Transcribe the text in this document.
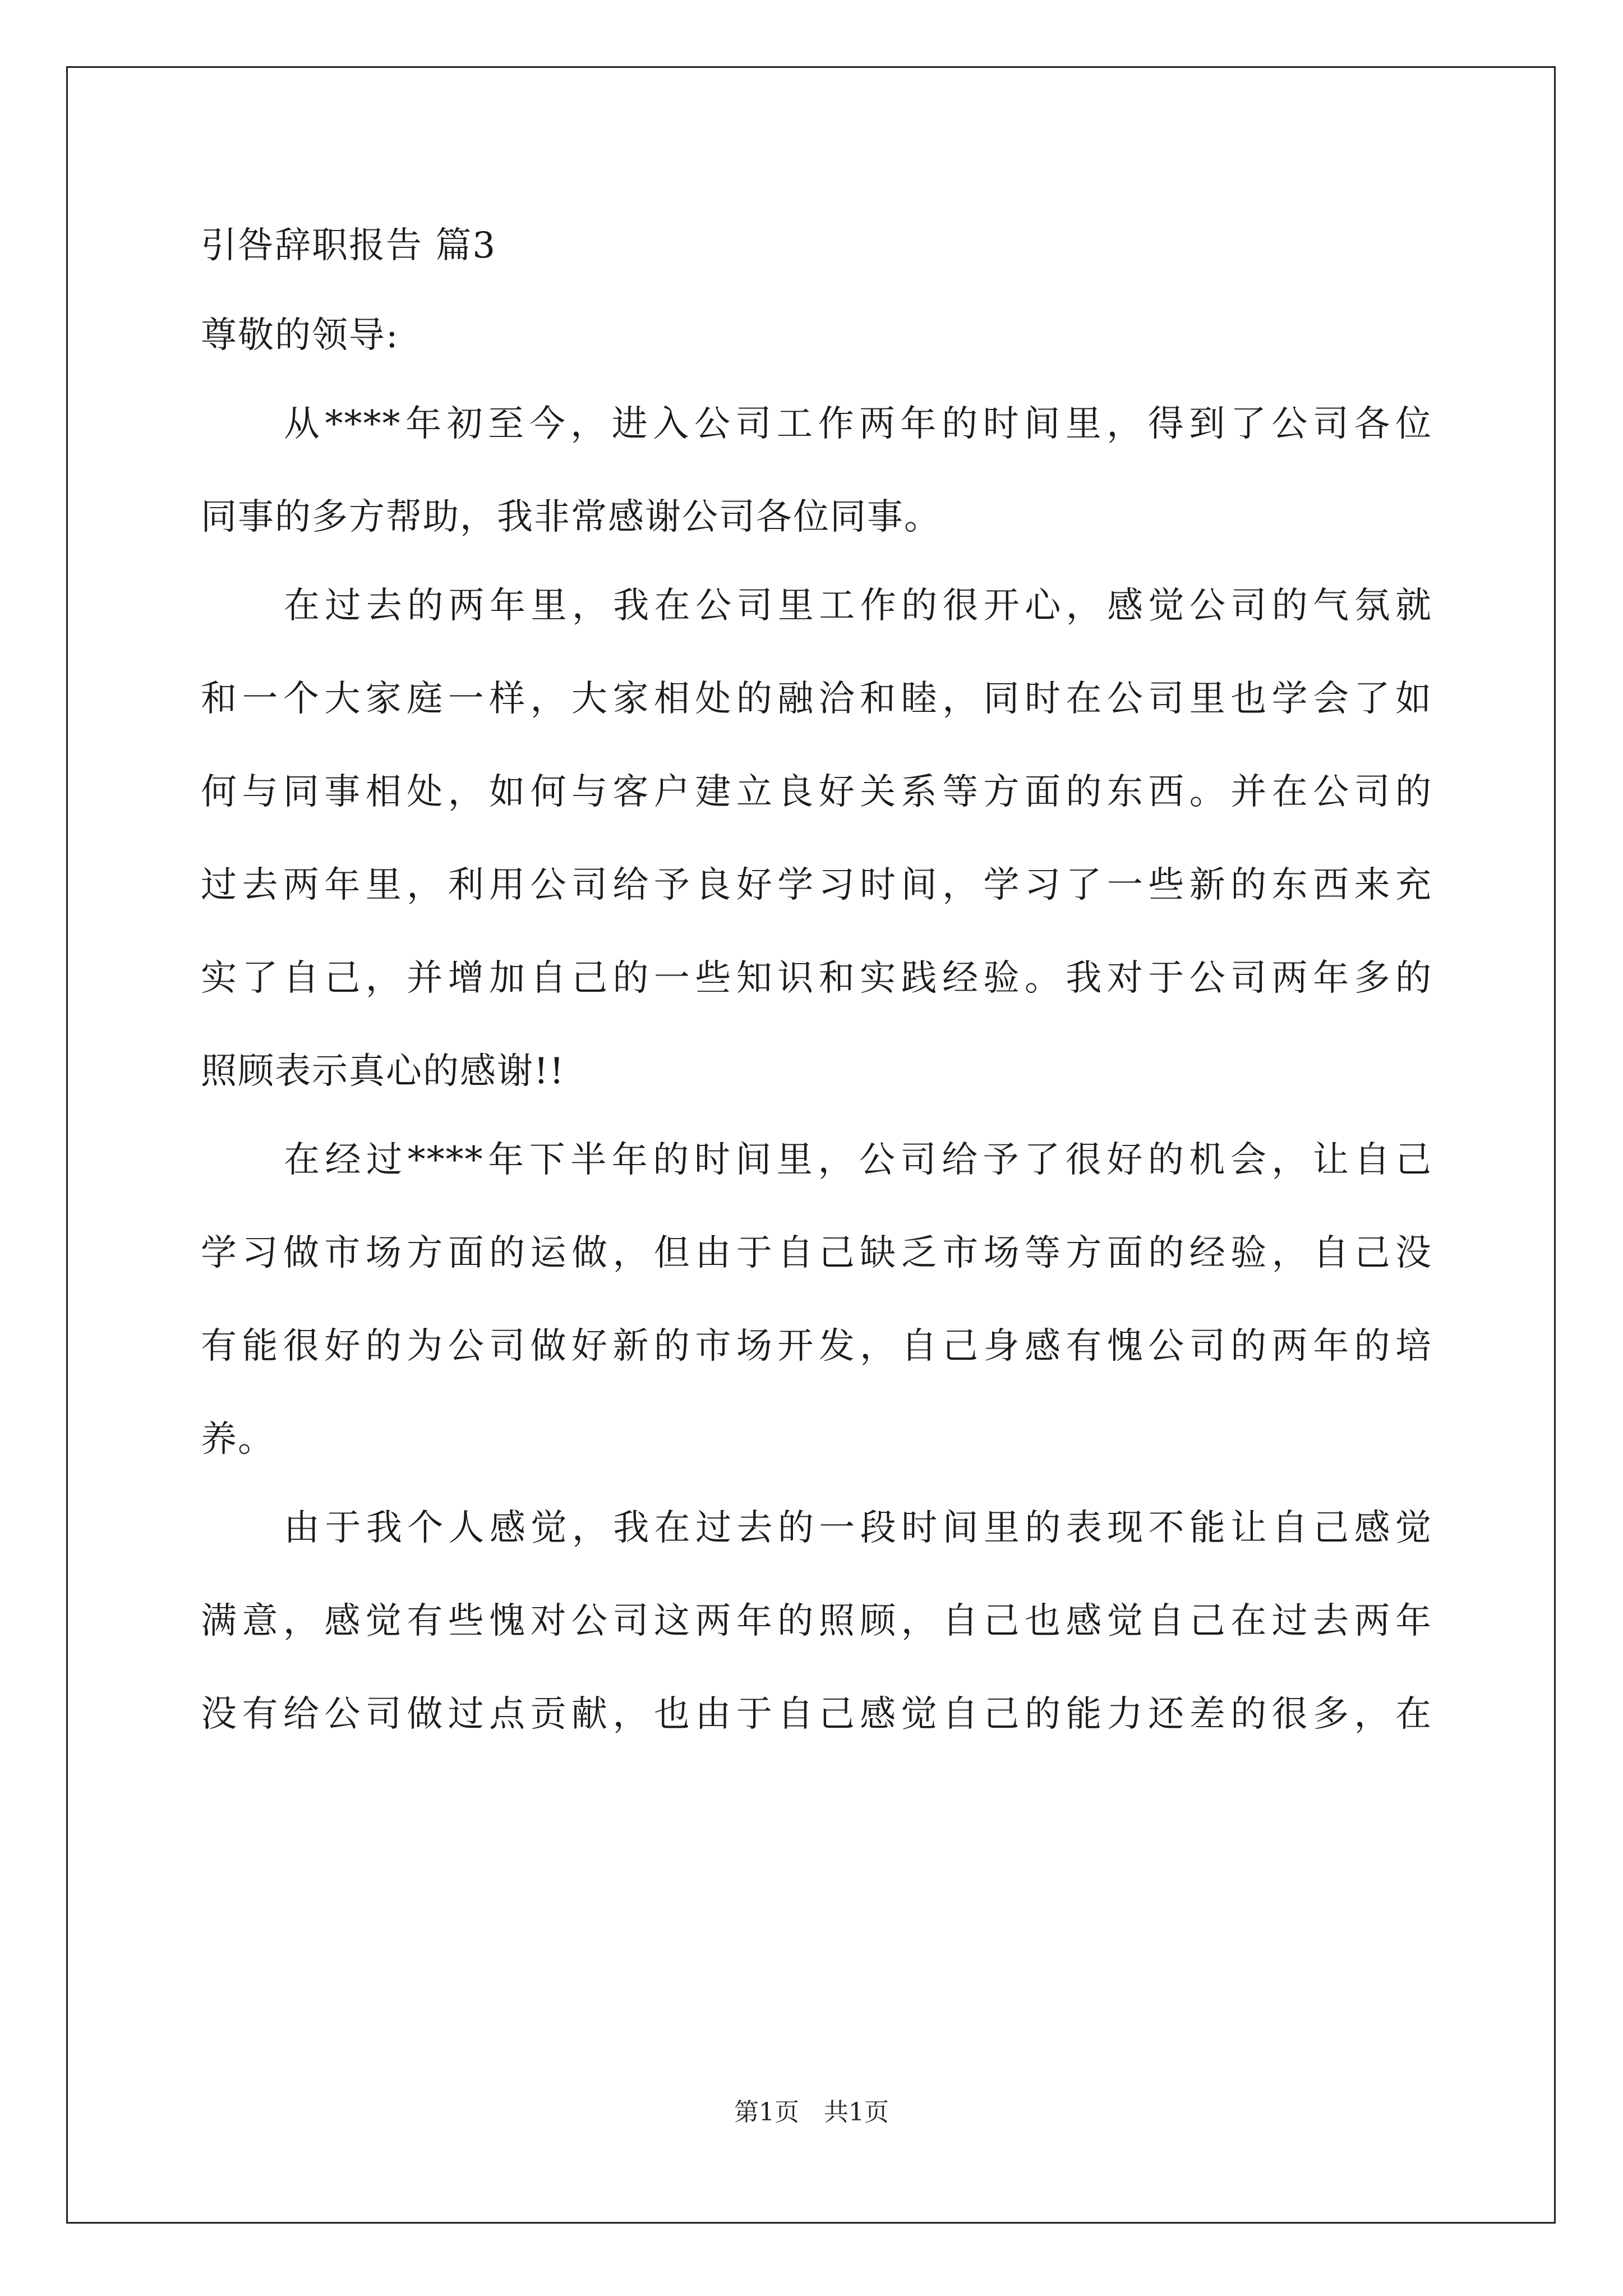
引咎辞职报告 篇3
尊敬的领导:
从****年初至今，进入公司工作两年的时间里，得到了公司各位
同事的多方帮助，我非常感谢公司各位同事。
在过去的两年里，我在公司里工作的很开心，感觉公司的气氛就
和一个大家庭一样，大家相处的融洽和睦，同时在公司里也学会了如
何与同事相处，如何与客户建立良好关系等方面的东西。并在公司的
过去两年里，利用公司给予良好学习时间，学习了一些新的东西来充
实了自己，并增加自己的一些知识和实践经验。我对于公司两年多的
照顾表示真心的感谢!!
在经过****年下半年的时间里，公司给予了很好的机会，让自己
学习做市场方面的运做，但由于自己缺乏市场等方面的经验，自己没
有能很好的为公司做好新的市场开发，自己身感有愧公司的两年的培
养。
由于我个人感觉，我在过去的一段时间里的表现不能让自己感觉
满意，感觉有些愧对公司这两年的照顾，自己也感觉自己在过去两年
没有给公司做过点贡献，也由于自己感觉自己的能力还差的很多，在
第1页　共1页
